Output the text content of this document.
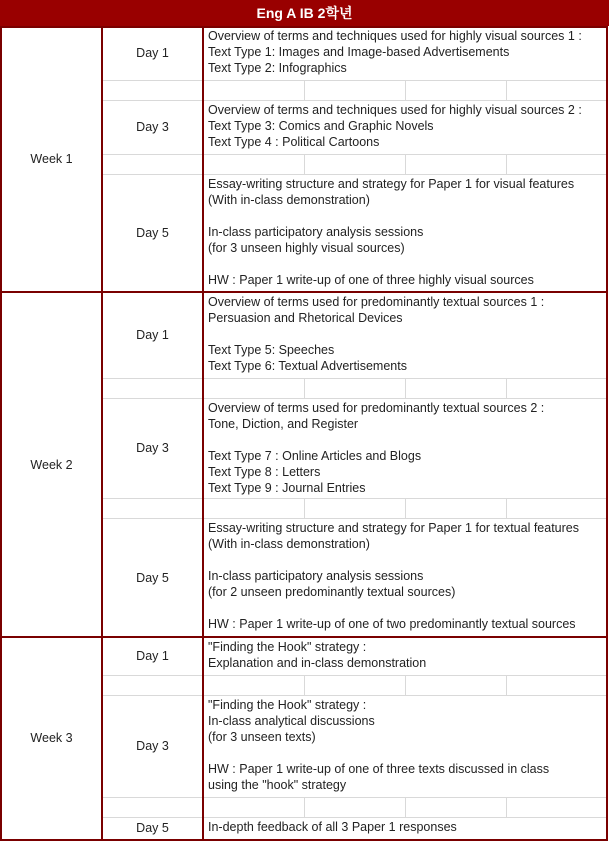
Eng A IB 2학년
Week 1
Day 1
Overview of terms and techniques used for highly visual sources 1 :
Text Type 1: Images and Image-based Advertisements
Text Type 2: Infographics
Day 3
Overview of terms and techniques used for highly visual sources 2 :
Text Type 3: Comics and Graphic Novels
Text Type 4 : Political Cartoons
Day 5
Essay-writing structure and strategy for Paper 1 for visual features
(With in-class demonstration)
In-class participatory analysis sessions
(for 3 unseen highly visual sources)
HW : Paper 1 write-up of one of three highly visual sources
Week 2
Day 1
Overview of terms used for predominantly textual sources 1 :
Persuasion and Rhetorical Devices
Text Type 5: Speeches
Text Type 6: Textual Advertisements
Day 3
Overview of terms used for predominantly textual sources 2 :
Tone, Diction, and Register
Text Type 7 : Online Articles and Blogs
Text Type 8 : Letters
Text Type 9 : Journal Entries
Day 5
Essay-writing structure and strategy for Paper 1 for textual features
(With in-class demonstration)
In-class participatory analysis sessions
(for 2 unseen predominantly textual sources)
HW : Paper 1 write-up of one of two predominantly textual sources
Week 3
Day 1
"Finding the Hook" strategy :
Explanation and in-class demonstration
Day 3
"Finding the Hook" strategy :
In-class analytical discussions
(for 3 unseen texts)
HW : Paper 1 write-up of one of three texts discussed in class
using the "hook" strategy
Day 5	In-depth feedback of all 3 Paper 1 responses
